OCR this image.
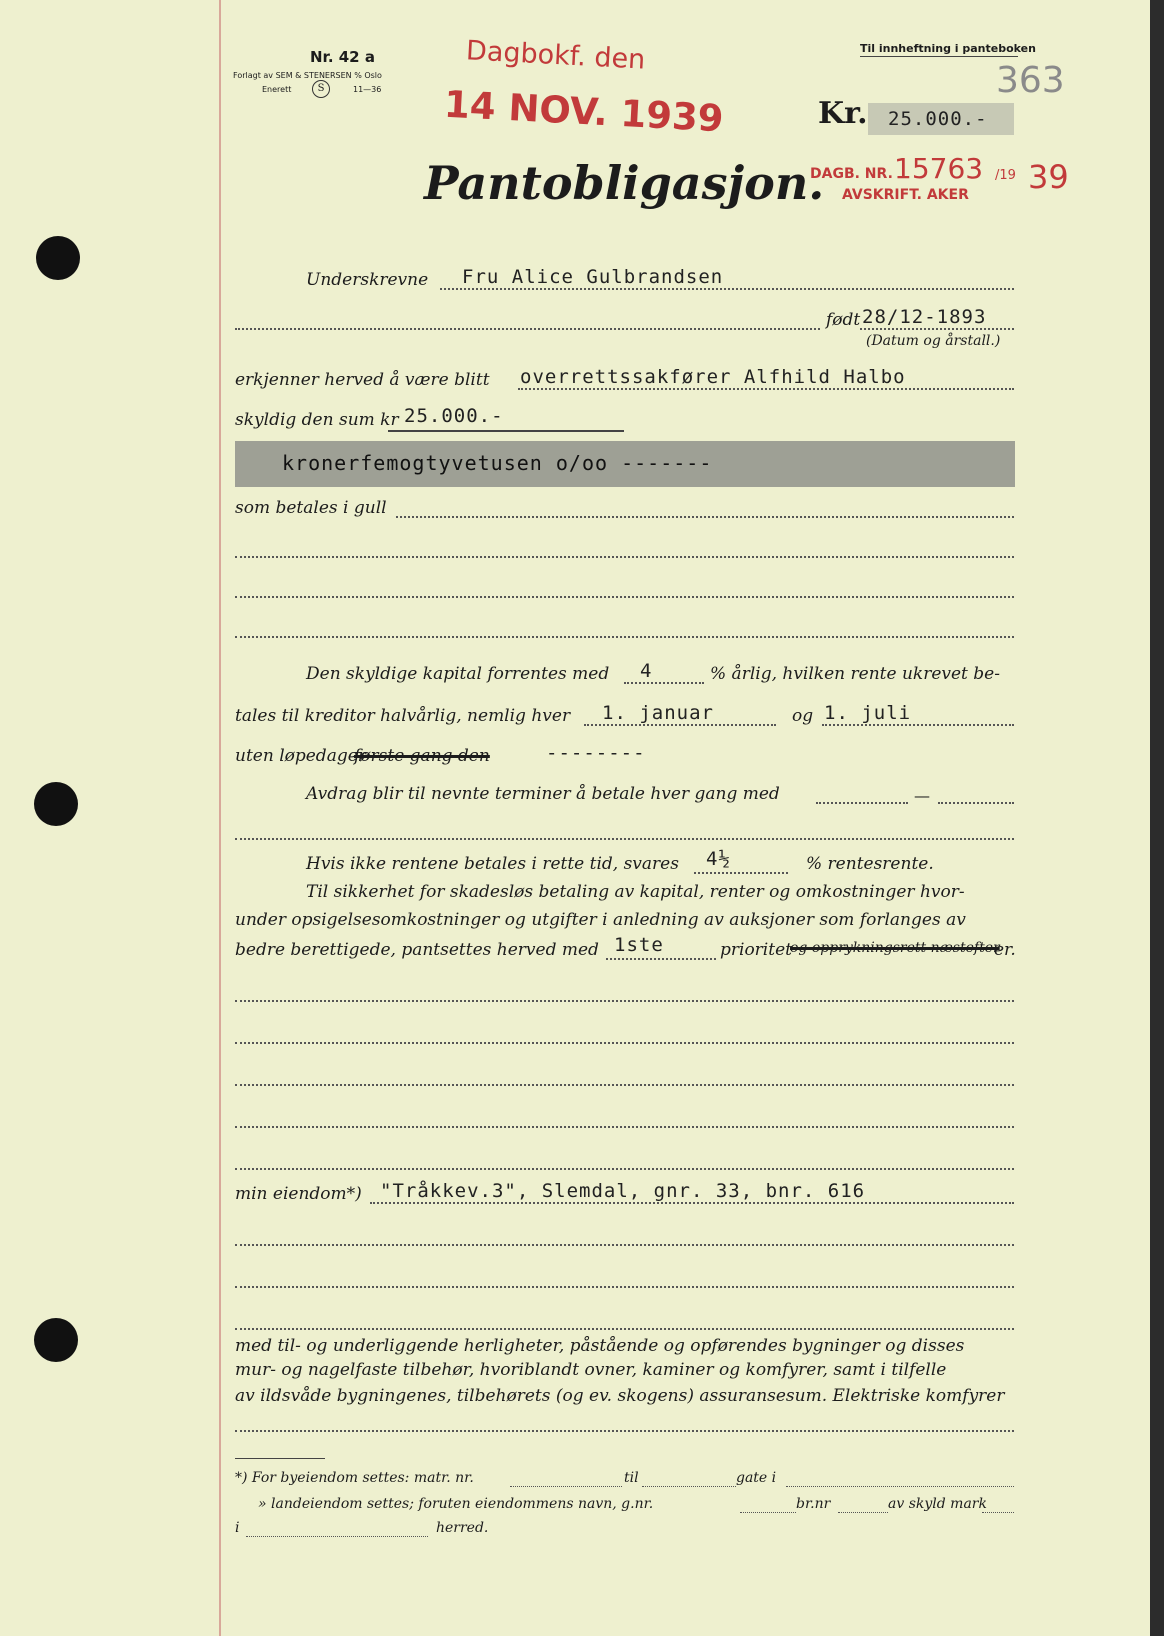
Nr. 42 a
Forlagt av SEM & STENERSEN % Oslo
Enerett	S	11—36
Dagbokf. den
14 NOV. 1939
DAGB. NR. 15763 /19 39
AVSKRIFT. AKER
Til innheftning i panteboken
363
Kr. 25.000.-
Pantobligasjon.
Underskrevne Fru Alice Gulbrandsen
født 28/12-1893
(Datum og årstall.)
erkjenner herved å være blitt overrettssakfører Alfhild Halbo
skyldig den sum kr 25.000.-
kronerfemogtyvetusen o/oo -------
som betales i gull
Den skyldige kapital forrentes med 4	% årlig, hvilken rente ukrevet be-
tales til kreditor halvårlig, nemlig hver 1. januar	og 1. juli
uten løpedager
første gang den	--------
Avdrag blir til nevnte terminer å betale hver gang med	—
Hvis ikke rentene betales i rette tid, svares 4½	% rentesrente.
Til sikkerhet for skadesløs betaling av kapital, renter og omkostninger hvor-
under opsigelsesomkostninger og utgifter i anledning av auksjoner som forlanges av
bedre berettigede, pantsettes herved med 1ste	prioritet
og opprykningsrett næstefter
er.
min eiendom*) "Tråkkev.3", Slemdal, gnr. 33, bnr. 616
med til- og underliggende herligheter, påstående og opførendes bygninger og disses
mur- og nagelfaste tilbehør, hvoriblandt ovner, kaminer og komfyrer, samt i tilfelle
av ildsvåde bygningenes, tilbehørets (og ev. skogens) assuransesum. Elektriske komfyrer
*) For byeiendom settes: matr. nr.	til	gate i
» landeiendom settes; foruten eiendommens navn, g.nr.	br.nr	av skyld mark
i	herred.
